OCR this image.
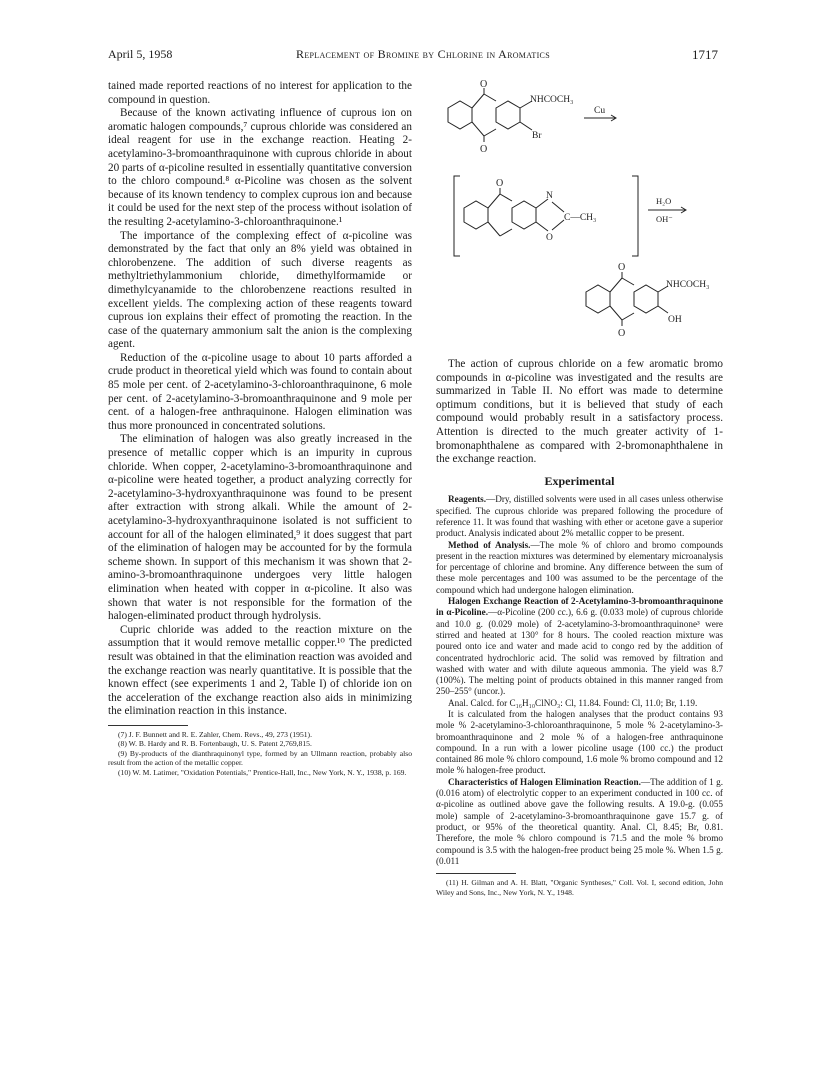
April 5, 1958	Replacement of Bromine by Chlorine in Aromatics	1717

tained made reported reactions of no interest for application to the compound in question.

Because of the known activating influence of cuprous ion on aromatic halogen compounds,⁷ cuprous chloride was considered an ideal reagent for use in the exchange reaction. Heating 2-acetylamino-3-bromoanthraquinone with cuprous chloride in about 20 parts of α-picoline resulted in essentially quantitative conversion to the chloro compound.⁸ α-Picoline was chosen as the solvent because of its known tendency to complex cuprous ion and because it could be used for the next step of the process without isolation of the resulting 2-acetylamino-3-chloroanthraquinone.¹

The importance of the complexing effect of α-picoline was demonstrated by the fact that only an 8% yield was obtained in chlorobenzene. The addition of such diverse reagents as methyltriethylammonium chloride, dimethylformamide or dimethylcyanamide to the chlorobenzene reactions resulted in excellent yields. The complexing action of these reagents toward cuprous ion explains their effect of promoting the reaction. In the case of the quaternary ammonium salt the anion is the complexing agent.

Reduction of the α-picoline usage to about 10 parts afforded a crude product in theoretical yield which was found to contain about 85 mole per cent. of 2-acetylamino-3-chloroanthraquinone, 6 mole per cent. of 2-acetylamino-3-bromoanthraquinone and 9 mole per cent. of a halogen-free anthraquinone. Halogen elimination was thus more pronounced in concentrated solutions.

The elimination of halogen was also greatly increased in the presence of metallic copper which is an impurity in cuprous chloride. When copper, 2-acetylamino-3-bromoanthraquinone and α-picoline were heated together, a product analyzing correctly for 2-acetylamino-3-hydroxyanthraquinone was found to be present after extraction with strong alkali. While the amount of 2-acetylamino-3-hydroxyanthraquinone isolated is not sufficient to account for all of the halogen eliminated,⁹ it does suggest that part of the elimination of halogen may be accounted for by the formula scheme shown. In support of this mechanism it was shown that 2-amino-3-bromoanthraquinone undergoes very little halogen elimination when heated with copper in α-picoline. It also was shown that water is not responsible for the formation of the halogen-eliminated product through hydrolysis.

Cupric chloride was added to the reaction mixture on the assumption that it would remove metallic copper.¹⁰ The predicted result was obtained in that the elimination reaction was avoided and the exchange reaction was nearly quantitative. It is possible that the known effect (see experiments 1 and 2, Table I) of chloride ion on the acceleration of the exchange reaction also aids in minimizing the elimination reaction in this instance.

(7) J. F. Bunnett and R. E. Zahler, Chem. Revs., 49, 273 (1951).

(8) W. B. Hardy and R. B. Fortenbaugh, U. S. Patent 2,769,815.

(9) By-products of the dianthraquinonyl type, formed by an Ullmann reaction, probably also result from the action of the metallic copper.

(10) W. M. Latimer, "Oxidation Potentials," Prentice-Hall, Inc., New York, N. Y., 1938, p. 169.

O
O
NHCOCH₃
Br
Cu
O
N
C—CH₃
O
H₂O
OH⁻
O
O
NHCOCH₃
OH

The action of cuprous chloride on a few aromatic bromo compounds in α-picoline was investigated and the results are summarized in Table II. No effort was made to determine optimum conditions, but it is believed that study of each compound would probably result in a satisfactory process. Attention is directed to the much greater activity of 1-bromonaphthalene as compared with 2-bromonaphthalene in the exchange reaction.

Experimental

Reagents.—Dry, distilled solvents were used in all cases unless otherwise specified. The cuprous chloride was prepared following the procedure of reference 11. It was found that washing with ether or acetone gave a superior product. Analysis indicated about 2% metallic copper to be present.

Method of Analysis.—The mole % of chloro and bromo compounds present in the reaction mixtures was determined by elementary microanalysis for percentage of chlorine and bromine. Any difference between the sum of these mole percentages and 100 was assumed to be the percentage of the compound which had undergone halogen elimination.

Halogen Exchange Reaction of 2-Acetylamino-3-bromoanthraquinone in α-Picoline.—α-Picoline (200 cc.), 6.6 g. (0.033 mole) of cuprous chloride and 10.0 g. (0.029 mole) of 2-acetylamino-3-bromoanthraquinone³ were stirred and heated at 130° for 8 hours. The cooled reaction mixture was poured onto ice and water and made acid to congo red by the addition of concentrated hydrochloric acid. The solid was removed by filtration and washed with water and with dilute aqueous ammonia. The yield was 8.7 (100%). The melting point of products obtained in this manner ranged from 250–255° (uncor.).

Anal. Calcd. for C₁₆H₁₀ClNO₃: Cl, 11.84. Found: Cl, 11.0; Br, 1.19.

It is calculated from the halogen analyses that the product contains 93 mole % 2-acetylamino-3-chloroanthraquinone, 5 mole % 2-acetylamino-3-bromoanthraquinone and 2 mole % of a halogen-free anthraquinone compound. In a run with a lower picoline usage (100 cc.) the product contained 86 mole % chloro compound, 1.6 mole % bromo compound and 12 mole % halogen-free product.

Characteristics of Halogen Elimination Reaction.—The addition of 1 g. (0.016 atom) of electrolytic copper to an experiment conducted in 100 cc. of α-picoline as outlined above gave the following results. A 19.0-g. (0.055 mole) sample of 2-acetylamino-3-bromoanthraquinone gave 15.7 g. of product, or 95% of the theoretical quantity. Anal. Cl, 8.45; Br, 0.81. Therefore, the mole % chloro compound is 71.5 and the mole % bromo compound is 3.5 with the halogen-free product being 25 mole %. When 1.5 g. (0.011

(11) H. Gilman and A. H. Blatt, "Organic Syntheses," Coll. Vol. I, second edition, John Wiley and Sons, Inc., New York, N. Y., 1948.
